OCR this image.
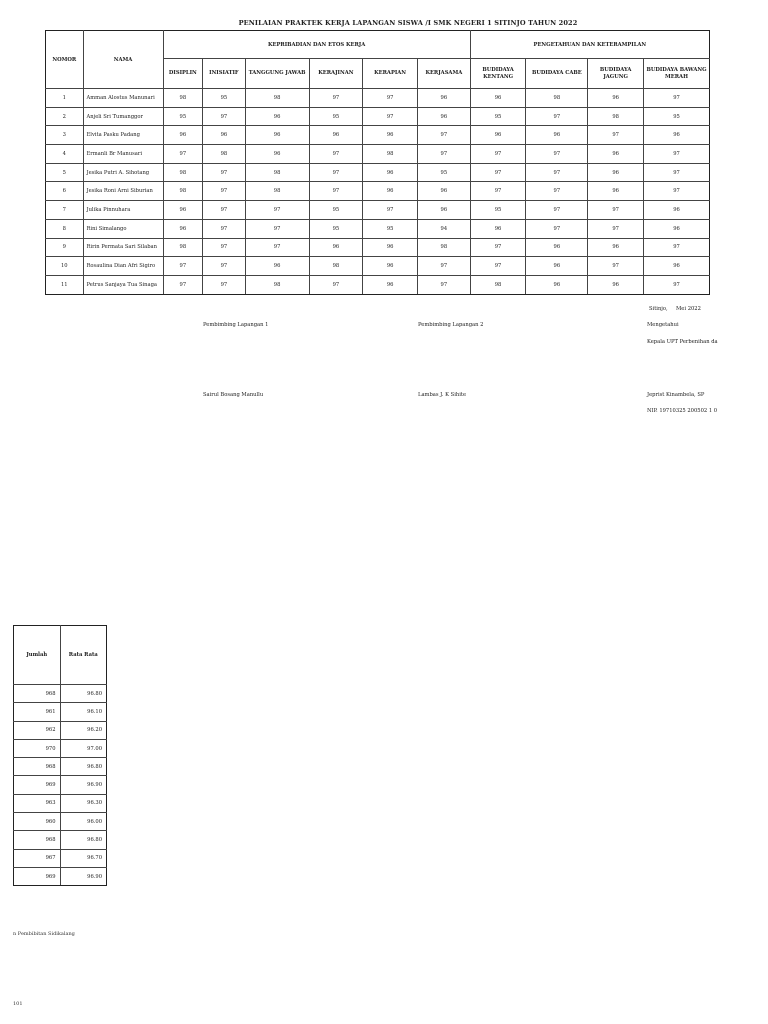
PENILAIAN PRAKTEK KERJA LAPANGAN SISWA /I SMK NEGERI 1 SITINJO TAHUN 2022
NOMOR	NAMA	KEPRIBADIAN DAN ETOS KERJA						PENGETAHUAN DAN KETERAMPILAN			
		DISIPLIN	INISIATIF	TANGGUNG JAWAB	KERAJINAN	KERAPIAN	KERJASAMA	BUDIDAYA KENTANG	BUDIDAYA CABE	BUDIDAYA JAGUNG	BUDIDAYA BAWANG MERAH
1	Amman Alostus Manunari	98	95	98	97	97	96	96	98	96	97
2	Anjeli Sri Tumanggor	95	97	96	95	97	96	95	97	98	95
3	Elvita Pasku Padang	96	96	96	96	96	97	96	96	97	96
4	Ermanli Br Manusari	97	98	96	97	98	97	97	97	96	97
5	Jesika Putri A. Sihotang	98	97	98	97	96	95	97	97	96	97
6	Jesika Roni Arni Siburian	98	97	98	97	96	96	97	97	96	97
7	Julika Pinnuhara	96	97	97	95	97	96	95	97	97	96
8	Rini Simalango	96	97	97	95	95	94	96	97	97	96
9	Ririn Permata Sari Silaban	98	97	97	96	96	98	97	96	96	97
10	Rosaulina Dian Afri Sigiro	97	97	96	98	96	97	97	96	97	96
11	Petrus Sanjaya Tua Sinaga	97	97	98	97	96	97	98	96	96	97
Sitinjo, Mei 2022
Pembimbing Lapangan 1	Pembimbing Lapangan 2	Mengetahui
Kepala UPT Perbenihan da
Sairul Bosang Manullu	Lambas J. K Sihite	Jeprist Kinambela, SP
NIP. 19710325 200502 1 0
Jumlah	Rata Rata
968	96.80
961	96.10
962	96.20
970	97.00
968	96.80
969	96.90
963	96.30
960	96.00
968	96.80
967	96.70
969	96.90
n Pembibitan Sidikalang
101
